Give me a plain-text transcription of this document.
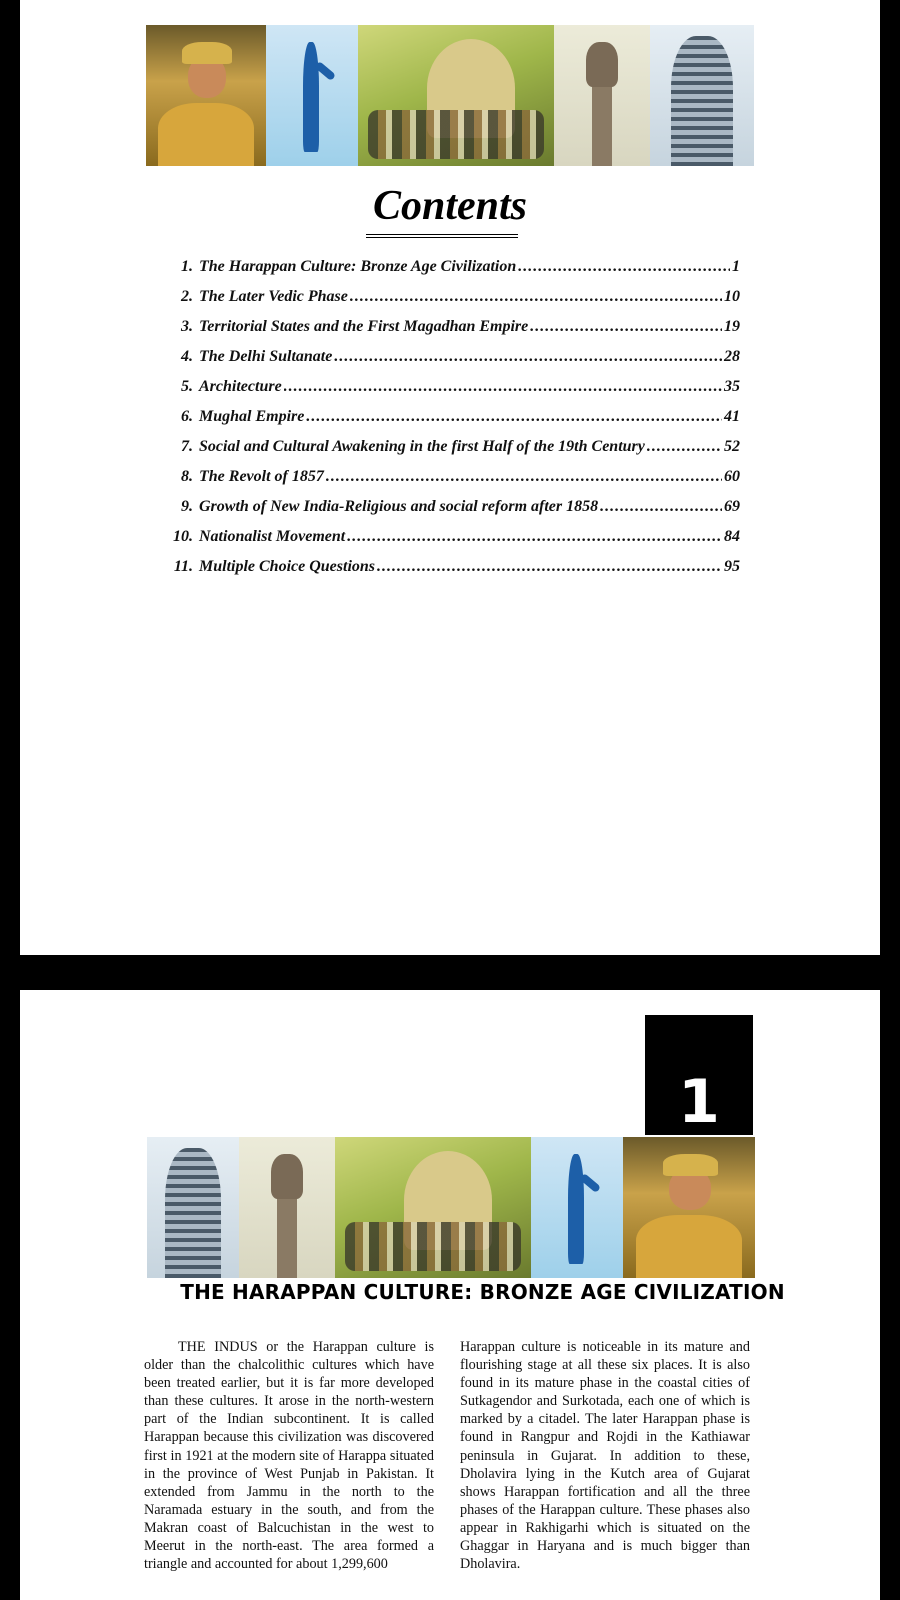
Contents
1. The Harappan Culture: Bronze Age Civilization .....	1
2. The Later Vedic Phase .....	10
3. Territorial States and the First Magadhan Empire .....	19
4. The Delhi Sultanate .....	28
5. Architecture .....	35
6. Mughal Empire .....	41
7. Social and Cultural Awakening in the first Half of the 19th Century .....	52
8. The Revolt of 1857 .....	60
9. Growth of New India-Religious and social reform after 1858 .....	69
10. Nationalist Movement .....	84
11. Multiple Choice Questions .....	95
1
THE HARAPPAN CULTURE: BRONZE AGE CIVILIZATION
THE INDUS or the Harappan culture is older than the chalcolithic cultures which have been treated earlier, but it is far more developed than these cultures. It arose in the north-western part of the Indian subcontinent. It is called Harappan because this civilization was discovered first in 1921 at the modern site of Harappa situated in the province of West Punjab in Pakistan. It extended from Jammu in the north to the Naramada estuary in the south, and from the Makran coast of Balcuchistan in the west to Meerut in the north-east. The area formed a triangle and accounted for about 1,299,600
Harappan culture is noticeable in its mature and flourishing stage at all these six places. It is also found in its mature phase in the coastal cities of Sutkagendor and Surkotada, each one of which is marked by a citadel. The later Harappan phase is found in Rangpur and Rojdi in the Kathiawar peninsula in Gujarat. In addition to these, Dholavira lying in the Kutch area of Gujarat shows Harappan fortification and all the three phases of the Harappan culture. These phases also appear in Rakhigarhi which is situated on the Ghaggar in Haryana and is much bigger than Dholavira.
